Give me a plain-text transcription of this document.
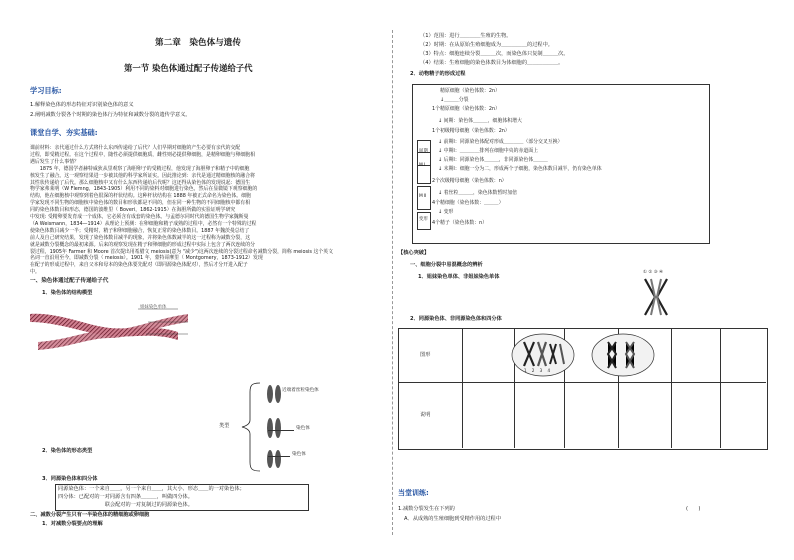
第二章　染色体与遗传
第一节 染色体通过配子传递给子代
学习目标:
1.解释染色体的形态特征对识别染色体的意义
2.阐明减数分裂各个时期的染色体行为特征和减数分裂的遗传学意义。
课堂自学、夯实基础:
课前材料：亲代通过什么方式将什么东西传递给了后代？人们早期对细胞的产生必要有亲代的交配
过程，即受精过程。在这个过程中，随性必须提供细胞质，雌性则必提供卵细胞，是精卵细胞与卵细胞相
遇后发生了什么事情？
　　1875 年，德国学者赫特威狄从里观察了海胆卵子的受精过程，他发现了海胆卵子和精子中的细胞
核发生了融合。这一观察结果进一步被其他的科学家所证实。因此推论到：亲代是通过精细胞核的融合将
其性状传递给了后代。那么细胞核中又有什么东西传递给后代呢？这还得从染色体的发现说起：德国生
物学家弗莱明（W Flemng，1843-1905）利用不同的染料对细胞进行染色，然后在显微镜下观察细胞的
结构，他在细胞核中观察到着色很深的杆状结构。这种杆状结构在 1888 年被正式命名为染色体。细胞
学家发现不同生物的细胞核中染色体的数目和形状都是不同的，但在同一种生物的不同细胞核中都有相
同的染色体数目和形态，德国的波维里（ Boveri，1862-1915）在海胆所做的实验证明学研究
中发现: 受精卵要发育成一个成体，它必须含有成套的染色体。与孟德尔同时代的德国生物学家魏斯曼
（A Weismann，1834—1914）从理论上预测：在卵细胞和精子成熟的过程中，必然有一个特殊的过程
使染色体数目减少一半；受精时，精子和卵细胞融合，恢复正常的染色体数目。1887 年魏茨曼总结了
前人及自己研究结果，发现了染色体数目减半的现象，并将染色体数减半的这一过程称为减数分裂，这
就是减数分裂概念的最初来源。后来的观察发现在精子和卵细胞的形成过程中实际上包含了两次连续的分
裂过程，1905年 Farmer 和 Moore 首次提出用希腊文 meiosis(意为 "减少")这两次连续的分裂过程命名减数分裂，简称 meiosis 这个英文
名词一直沿用至今，即减数分裂（ meiosis）。1901 年，蒙特哥摩里（ Montgomery，1873-1912）发现
在配子的形成过程中，来自父本和母本的染色体要先配对（即同源染色体配对），然后才分开进入配子
中。
一、染色体通过配子传递给子代
1．染色体的结构模型
姐妹染色单体
2．染色体的形态类型
类型
近端着丝粒染色体
染色体
染色体
3．同源染色体和四分体
同源染色体：一个来自＿＿，另一个来自＿＿，其大小、形态＿＿的一对染色体；
四分体：已配对的一对同源含有四条＿＿＿，叫做四分体。
　　　　　　　　　联会配对的一对复制过的同源染色体。
二、减数分裂产生只有一半染色体的精细胞或卵细胞
1．对减数分裂要点的理解
（1）范围：进行＿＿＿＿生殖的生物。
（2）时期：在从原始生殖细胞成为＿＿＿＿＿的过程中。
（3）特点：细胞连续分裂＿＿＿次，而染色体只复制＿＿＿次。
（4）结果：生殖细胞的染色体数目为体细胞的＿＿＿＿＿＿。
2．动物精子的形成过程
间期
M Ⅰ
M Ⅱ
变形
精原细胞（染色体数：2n）
↓＿＿＿分裂
1个精原细胞（染色体数：2n）
↓ 间期：染色体＿＿＿，细胞体积增大
1个初级精母细胞（染色体数：2n）
↓ 前期Ⅰ：同源染色体配对形成＿＿＿＿（部分交叉互换）
↓ 中期Ⅰ：＿＿＿＿排列在细胞中央的赤道面上
↓ 后期Ⅰ：同源染色体＿＿＿，非同源染色体＿＿＿
↓ 末期Ⅰ：细胞一分为二，形成两个子细胞，染色体数目减半，仍有染色单体
2个次级精母细胞（染色体数：n）
↓ 着丝粒＿＿＿，染色体数暂时加倍
4个精细胞（染色体数：＿＿＿）
↓ 变形
4个精子（染色体数：n）
【核心突破】
一、细胞分裂中易混概念的辨析
1．姐妹染色单体、非姐妹染色单体
① ② ③ ④
2．同源染色体、非同源染色体和四分体
图形
说明
1 2 3 4
当堂训练:
1.减数分裂发生在下列的	(　　)
A．从成熟的生殖细胞到受精作用的过程中
